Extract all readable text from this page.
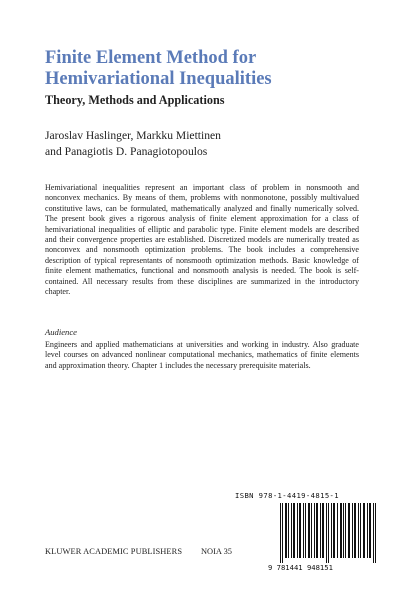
Finite Element Method for Hemivariational Inequalities
Theory, Methods and Applications
Jaroslav Haslinger, Markku Miettinen
and Panagiotis D. Panagiotopoulos

Hemivariational inequalities represent an important class of problem in nonsmooth and nonconvex mechanics. By means of them, problems with nonmonotone, possibly multivalued constitutive laws, can be formulated, mathematically analyzed and finally numerically solved. The present book gives a rigorous analysis of finite element approximation for a class of hemivariational inequalities of elliptic and parabolic type. Finite element models are described and their convergence properties are established. Discretized models are numerically treated as nonconvex and nonsmooth optimization problems. The book includes a comprehensive description of typical representants of nonsmooth optimization methods. Basic knowledge of finite element mathematics, functional and nonsmooth analysis is needed. The book is self-contained. All necessary results from these disciplines are summarized in the introductory chapter.

Audience

Engineers and applied mathematicians at universities and working in industry. Also graduate level courses on advanced nonlinear computational mechanics, mathematics of finite elements and approximation theory. Chapter 1 includes the necessary prerequisite materials.

ISBN 978-1-4419-4815-1
9 781441 948151
KLUWER ACADEMIC PUBLISHERS NOIA 35
